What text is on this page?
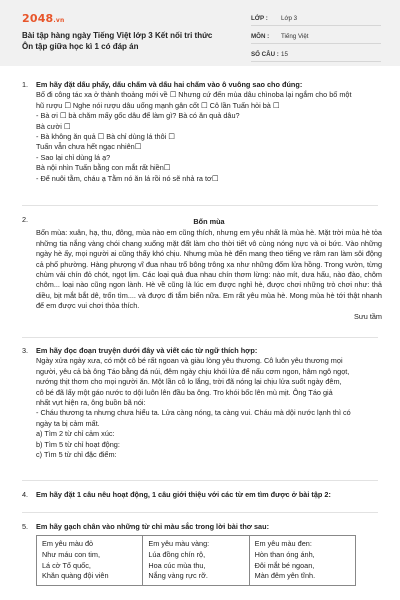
2048.vn
Bài tập hàng ngày Tiếng Việt lớp 3 Kết nối tri thức Ôn tập giữa học kì 1 có đáp án
LỚP :	Lớp 3
MÔN :	Tiếng Việt
SỐ CÂU : 15
1. Em hãy đặt dấu phẩy, dấu chấm và dấu hai chấm vào ô vuông sao cho đúng:
Bố đi công tác xa ở thành thoảng mới về ☐ Nhưng cứ đến mùa dâu chìnoba lại ngắm cho bố một
hũ rượu ☐ Nghe nói rượu dâu uống mạnh gân cốt ☐ Cô lần Tuấn hỏi bà ☐
- Bà ơi ☐ bà chăm mấy gốc dâu để làm gì? Bà có ăn quả dâu?
Bà cười ☐
- Bà không ăn quả ☐ Bà chỉ dùng lá thôi ☐
Tuấn vẫn chưa hết ngạc nhiên☐
- Sao lại chỉ dùng lá ạ?
Bà nội nhìn Tuấn bằng con mắt rất hiền☐
- Để nuôi tằm, cháu ạ Tằm nó ăn lá rồi nó sẽ nhả ra tơ☐
2.	Bốn mùa
Bốn mùa: xuân, hạ, thu, đông, mùa nào em cũng thích, nhưng em yêu nhất là mùa hè. Mặt trời mùa hè tỏa những tia nắng vàng chói chang xuống mặt đất làm cho thời tiết vô cùng nóng nực và oi bức. Vào những ngày hè ấy, mọi người ai cũng thấy khó chịu. Nhưng mùa hè đến mang theo tiếng ve râm ran làm sôi động cả phố phường. Hàng phượng vĩ đua nhau trổ bông trông xa như những đốm lửa hồng. Trong vườn, từng chùm vải chín đỏ chót, ngọt lịm. Các loại quả đua nhau chín thơm lừng: nào mít, dưa hấu, nào đào, chôm chôm... loại nào cũng ngon lành. Hè về cũng là lúc em được nghỉ hè, được chơi những trò chơi như: thả diều, bịt mắt bắt dê, trốn tìm.... và được đi tắm biển nữa. Em rất yêu mùa hè. Mong mùa hè tới thật nhanh để em được vui chơi thỏa thích.
Sưu tầm
3. Em hãy đọc đoạn truyện dưới đây và viết các từ ngữ thích hợp:
Ngày xửa ngày xưa, có một cô bé rất ngoan và giàu lòng yêu thương. Cô luôn yêu thương mọi
người, yêu cả bà ông Táo bằng đá núi, đêm ngày chịu khói lửa để nấu cơm ngon, hâm ngô ngọt,
nướng thịt thơm cho mọi người ăn. Một lần cô lo lắng, trời đã nóng lại chịu lửa suốt ngày đêm,
cô bé đã lấy một gáo nước to dội luôn lên đầu ba ông. Tro khói bốc lên mù mịt. Ông Táo giả
nhất vựt hiện ra, ông buồn bã nói:
- Cháu thương ta nhưng chưa hiểu ta. Lửa càng nóng, ta càng vui. Cháu mà dội nước lạnh thì có
ngày ta bị cảm mất.
a) Tìm 2 từ chỉ cảm xúc:
b) Tìm 5 từ chỉ hoạt động:
c) Tìm 5 từ chỉ đặc điểm:
4. Em hãy đặt 1 câu nêu hoạt động, 1 câu giới thiệu với các từ em tìm được ở bài tập 2:
5. Em hãy gạch chân vào những từ chỉ màu sắc trong lời bài thơ sau:
Em yêu màu đỏ
Như máu con tim,
Lá cờ Tổ quốc,
Khăn quàng đội viên

Em yêu màu vàng:
Lúa đồng chín rộ,
Hoa cúc mùa thu,
Nắng vàng rực rỡ.

Em yêu màu đen:
Hòn than óng ánh,
Đôi mắt bé ngoan,
Màn đêm yên tĩnh.
